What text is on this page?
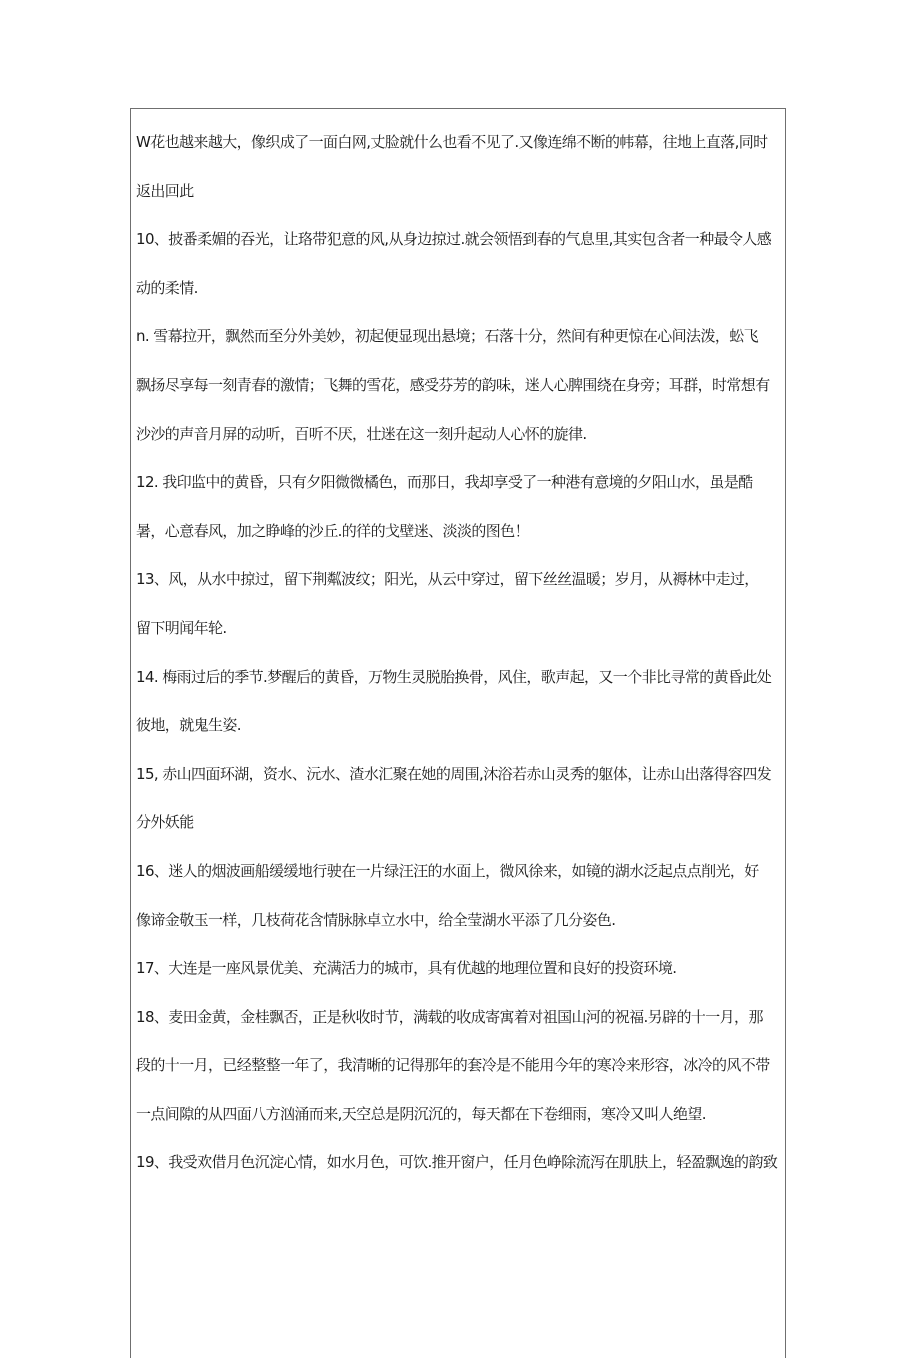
W花也越来越大，像织成了一面白网,丈脸就什么也看不见了.又像连绵不断的帏幕，往地上直落,同时
返出回此
10、披番柔媚的吞光，让珞带犯意的风,从身边掠过.就会领悟到春的气息里,其实包含者一种最令人感
动的柔情.
n. 雪幕拉开，飘然而至分外美妙，初起便显现出悬境；石落十分，然间有种更惊在心间法泼，蚣飞
飘扬尽享每一刻青春的激情；飞舞的雪花，感受芬芳的韵味，迷人心脾围绕在身旁；耳群，时常想有
沙沙的声音月屏的动听，百听不厌，壮迷在这一刻升起动人心怀的旋律.
12. 我印监中的黄昏，只有夕阳微微橘色，而那日，我却享受了一种港有意境的夕阳山水，虽是酷
暑，心意春风，加之睁峰的沙丘.的徉的戈壁迷、淡淡的图色！
13、风，从水中掠过，留下荆粼波纹；阳光，从云中穿过，留下丝丝温暖；岁月，从褥林中走过，
留下明闻年轮.
14. 梅雨过后的季节.梦醒后的黄昏，万物生灵脱胎换骨，风住，歌声起，又一个非比寻常的黄昏此处
彼地，就鬼生姿.
15, 赤山四面环湖，资水、沅水、渣水汇聚在她的周围,沐浴若赤山灵秀的躯体，让赤山出落得容四发
分外妖能
16、迷人的烟波画船缓缓地行驶在一片绿汪汪的水面上，微风徐来，如镜的湖水泛起点点削光，好
像谛金敬玉一样，几枝荷花含情脉脉卓立水中，给全莹湖水平添了几分姿色.
17、大连是一座风景优美、充满活力的城市，具有优越的地理位置和良好的投资环境.
18、麦田金黄，金桂飘否，正是秋收时节，满载的收成寄寓着对祖国山河的祝福.另辟的十一月，那
段的十一月，已经整整一年了，我清晰的记得那年的套冷是不能用今年的寒冷来形容，冰冷的风不带
一点间隙的从四面八方汹涌而来,天空总是阴沉沉的，每天都在下卷细雨，寒冷又叫人绝望.
19、我受欢借月色沉淀心情，如水月色，可饮.推开窗户，任月色峥除流泻在肌肤上，轻盈飘逸的韵致
